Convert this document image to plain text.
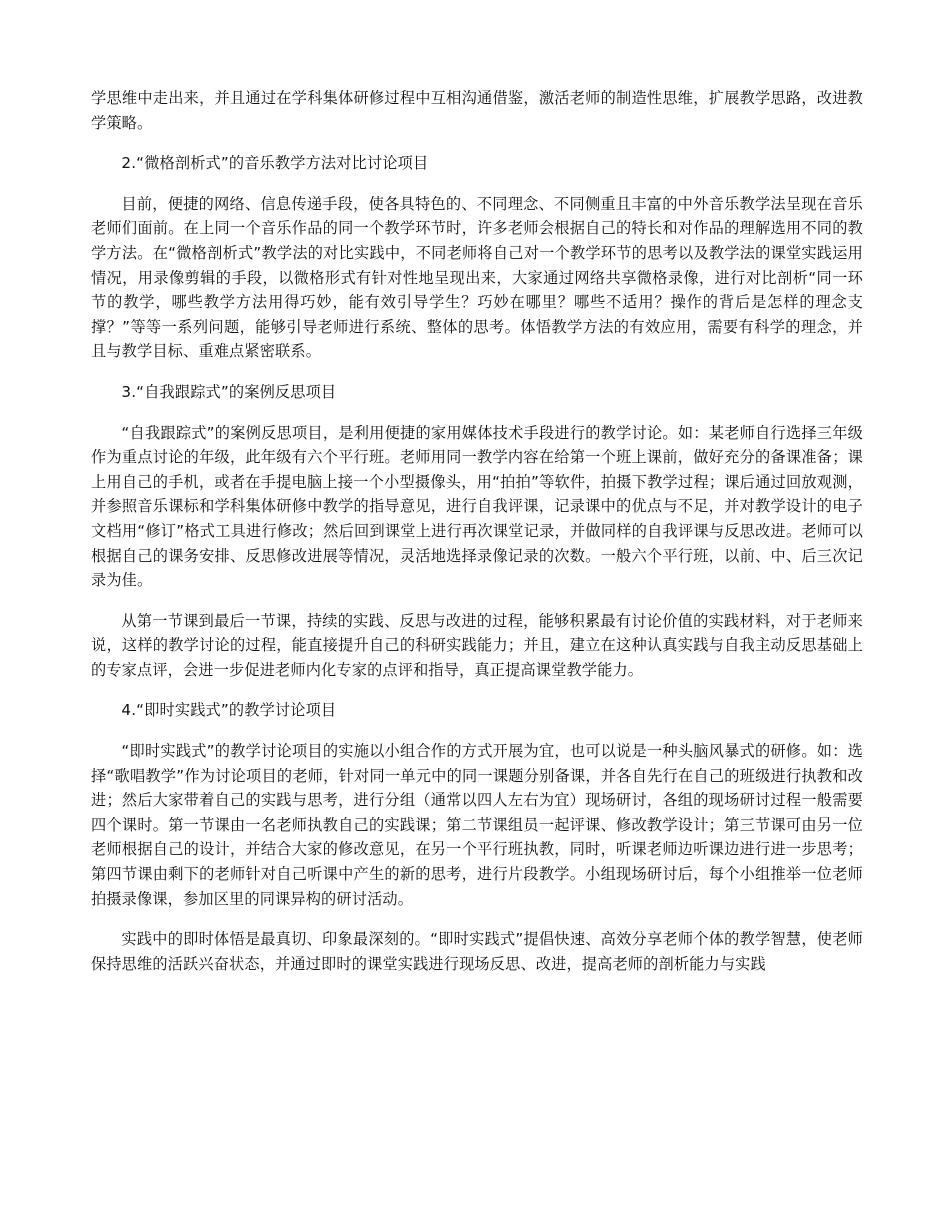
学思维中走出来，并且通过在学科集体研修过程中互相沟通借鉴，激活老师的制造性思维，扩展教学思路，改进教学策略。

2.“微格剖析式”的音乐教学方法对比讨论项目

目前，便捷的网络、信息传递手段，使各具特色的、不同理念、不同侧重且丰富的中外音乐教学法呈现在音乐老师们面前。在上同一个音乐作品的同一个教学环节时，许多老师会根据自己的特长和对作品的理解选用不同的教学方法。在“微格剖析式”教学法的对比实践中，不同老师将自己对一个教学环节的思考以及教学法的课堂实践运用情况，用录像剪辑的手段，以微格形式有针对性地呈现出来，大家通过网络共享微格录像，进行对比剖析“同一环节的教学，哪些教学方法用得巧妙，能有效引导学生？巧妙在哪里？哪些不适用？操作的背后是怎样的理念支撑？”等等一系列问题，能够引导老师进行系统、整体的思考。体悟教学方法的有效应用，需要有科学的理念，并且与教学目标、重难点紧密联系。

3.“自我跟踪式”的案例反思项目

“自我跟踪式”的案例反思项目，是利用便捷的家用媒体技术手段进行的教学讨论。如：某老师自行选择三年级作为重点讨论的年级，此年级有六个平行班。老师用同一教学内容在给第一个班上课前，做好充分的备课准备；课上用自己的手机，或者在手提电脑上接一个小型摄像头，用“拍拍”等软件，拍摄下教学过程；课后通过回放观测，并参照音乐课标和学科集体研修中教学的指导意见，进行自我评课，记录课中的优点与不足，并对教学设计的电子文档用“修订”格式工具进行修改；然后回到课堂上进行再次课堂记录，并做同样的自我评课与反思改进。老师可以根据自己的课务安排、反思修改进展等情况，灵活地选择录像记录的次数。一般六个平行班，以前、中、后三次记录为佳。

从第一节课到最后一节课，持续的实践、反思与改进的过程，能够积累最有讨论价值的实践材料，对于老师来说，这样的教学讨论的过程，能直接提升自己的科研实践能力；并且，建立在这种认真实践与自我主动反思基础上的专家点评，会进一步促进老师内化专家的点评和指导，真正提高课堂教学能力。

4.“即时实践式”的教学讨论项目

“即时实践式”的教学讨论项目的实施以小组合作的方式开展为宜，也可以说是一种头脑风暴式的研修。如：选择“歌唱教学”作为讨论项目的老师，针对同一单元中的同一课题分别备课，并各自先行在自己的班级进行执教和改进；然后大家带着自己的实践与思考，进行分组（通常以四人左右为宜）现场研讨，各组的现场研讨过程一般需要四个课时。第一节课由一名老师执教自己的实践课；第二节课组员一起评课、修改教学设计；第三节课可由另一位老师根据自己的设计，并结合大家的修改意见，在另一个平行班执教，同时，听课老师边听课边进行进一步思考；第四节课由剩下的老师针对自己听课中产生的新的思考，进行片段教学。小组现场研讨后，每个小组推举一位老师拍摄录像课，参加区里的同课异构的研讨活动。

实践中的即时体悟是最真切、印象最深刻的。“即时实践式”提倡快速、高效分享老师个体的教学智慧，使老师保持思维的活跃兴奋状态，并通过即时的课堂实践进行现场反思、改进，提高老师的剖析能力与实践
